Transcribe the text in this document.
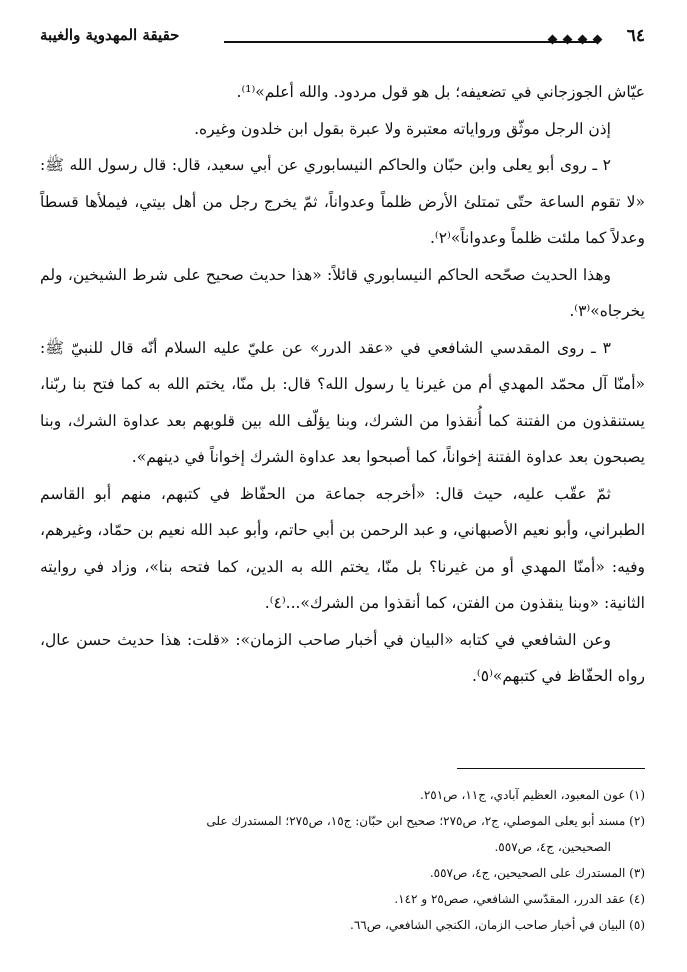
٦٤
حقيقة المهدوية والغيبة

عيّاش الجوزجاني في تضعيفه؛ بل هو قول مردود. والله أعلم»⁽¹⁾.

إذن الرجل موثّق ورواياته معتبرة ولا عبرة بقول ابن خلدون وغيره.

٢ ـ روى أبو يعلى وابن حبّان والحاكم النيسابوري عن أبي سعيد، قال: قال رسول الله ﷺ: «لا تقوم الساعة حتّى تمتلئ الأرض ظلماً وعدواناً، ثمّ يخرج رجل من أهل بيتي، فيملأها قسطاً وعدلاً كما ملئت ظلماً وعدواناً»⁽٢⁾.

وهذا الحديث صحّحه الحاكم النيسابوري قائلاً: «هذا حديث صحيح على شرط الشيخين، ولم يخرجاه»⁽٣⁾.

٣ ـ روى المقدسي الشافعي في «عقد الدرر» عن عليّ عليه السلام أنّه قال للنبيّ ﷺ: «أمنّا آل محمّد المهدي أم من غيرنا يا رسول الله؟ قال: بل منّا، يختم الله به كما فتح بنا ربّنا، يستنقذون من الفتنة كما أُنقذوا من الشرك، وبنا يؤلّف الله بين قلوبهم بعد عداوة الشرك، وبنا يصبحون بعد عداوة الفتنة إخواناً، كما أصبحوا بعد عداوة الشرك إخواناً في دينهم».

ثمّ عقّب عليه، حيث قال: «أخرجه جماعة من الحفّاظ في كتبهم، منهم أبو القاسم الطبراني، وأبو نعيم الأصبهاني، و عبد الرحمن بن أبي حاتم، وأبو عبد الله نعيم بن حمّاد، وغيرهم، وفيه: «أمنّا المهدي أو من غيرنا؟ بل منّا، يختم الله به الدين، كما فتحه بنا»، وزاد في روايته الثانية: «وبنا ينقذون من الفتن، كما أنقذوا من الشرك»...⁽٤⁾.

وعن الشافعي في كتابه «البيان في أخبار صاحب الزمان»: «قلت: هذا حديث حسن عال، رواه الحفّاظ في كتبهم»⁽٥⁾.

(١) عون المعبود، العظيم آبادي، ج١١، ص٢٥١.

(٢) مسند أبو يعلى الموصلي، ج٢، ص٢٧٥؛ صحيح ابن حبّان: ج١٥، ص٢٧٥؛ المستدرك على

الصحيحين، ج٤، ص٥٥٧.

(٣) المستدرك على الصحيحين، ج٤، ص٥٥٧.

(٤) عقد الدرر، المقدّسي الشافعي، صص٢٥ و ١٤٢.

(٥) البيان في أخبار صاحب الزمان، الكنجي الشافعي، ص٦٦.
